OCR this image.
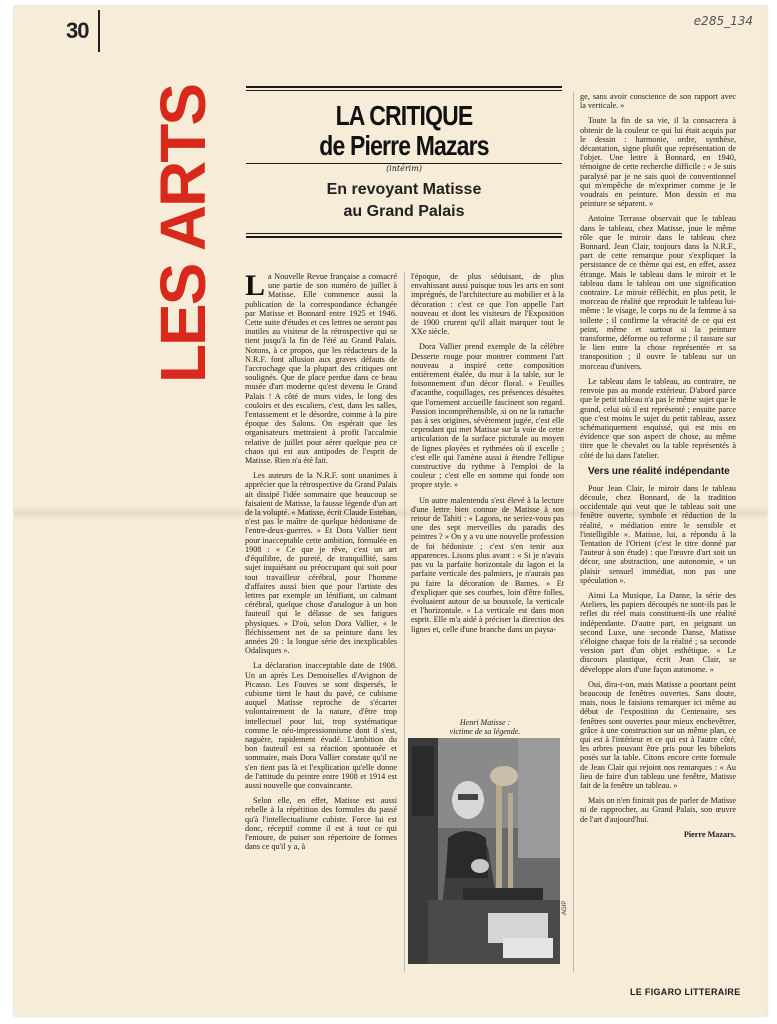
30	e285_134
LES ARTS	LA CRITIQUE
de Pierre Mazars
(intérim)
En revoyant Matisse
au Grand Palais

La Nouvelle Revue française a consacré une partie de son numéro de juillet à Matisse. Elle commence aussi la publication de la correspondance échangée par Matisse et Bonnard entre 1925 et 1946. Cette suite d'études et ces lettres ne seront pas inutiles au visiteur de la rétrospective qui se tient jusqu'à la fin de l'été au Grand Palais. Notons, à ce propos, que les rédacteurs de la N.R.F. font allusion aux graves défauts de l'accrochage que la plupart des critiques ont soulignés. Que de place perdue dans ce beau musée d'art moderne qu'est devenu le Grand Palais ! A côté de murs vides, le long des couloirs et des escaliers, c'est, dans les salles, l'entassement et le désordre, comme à la pire époque des Salons. On espérait que les organisateurs mettraient à profit l'accalmie relative de juillet pour aérer quelque peu ce chaos qui est aux antipodes de l'esprit de Matisse. Rien n'a été fait.

Les auteurs de la N.R.F. sont unanimes à apprécier que la rétrospective du Grand Palais ait dissipé l'idée sommaire que beaucoup se faisaient de Matisse, la fausse légende d'un art de la volupté. « Matisse, écrit Claude Esteban, n'est pas le maître de quelque hédonisme de l'entre-deux-guerres. » Et Dora Vallier tient pour inacceptable cette ambition, formulée en 1908 : « Ce que je rêve, c'est un art d'équilibre, de pureté, de tranquillité, sans sujet inquiétant ou préoccupant qui soit pour tout travailleur cérébral, pour l'homme d'affaires aussi bien que pour l'artiste des lettres par exemple un lénifiant, un calmant cérébral, quelque chose d'analogue à un bon fauteuil qui le délasse de ses fatigues physiques. » D'où, selon Dora Vallier, « le fléchissement net de sa peinture dans les années 20 : la longue série des inexplicables Odalisques ».

La déclaration inacceptable date de 1908. Un an après Les Demoiselles d'Avignon de Picasso. Les Fauves se sont dispersés, le cubisme tient le haut du pavé, ce cubisme auquel Matisse reproche de s'écarter volontairement de la nature, d'être trop intellectuel pour lui, trop systématique comme le néo-impressionnisme dont il s'est, naguère, rapidement évadé. L'ambition du bon fauteuil est sa réaction spontanée et sommaire, mais Dora Vallier constate qu'il ne s'en tient pas là et l'explication qu'elle donne de l'attitude du peintre entre 1908 et 1914 est aussi nouvelle que convaincante.

Selon elle, en effet, Matisse est aussi rebelle à la répétition des formules du passé qu'à l'intellectualisme cubiste. Force lui est donc, réceptif comme il est à tout ce qui l'entoure, de puiser son répertoire de formes dans ce qu'il y a, à

l'époque, de plus séduisant, de plus envahissant aussi puisque tous les arts en sont imprégnés, de l'architecture au mobilier et à la décoration : c'est ce que l'on appelle l'art nouveau et dont les visiteurs de l'Exposition de 1900 crurent qu'il allait marquer tout le XXe siècle.

Dora Vallier prend exemple de la célèbre Desserte rouge pour montrer comment l'art nouveau a inspiré cette composition entièrement étalée, du mur à la table, sur le foisonnement d'un décor floral. « Feuilles d'acanthe, coquillages, ces présences désuètes que l'ornement accueille fascinent son regard. Passion incompréhensible, si on ne la rattache pas à ses origines, sévèrement jugée, c'est elle cependant qui met Matisse sur la voie de cette articulation de la surface picturale au moyen de lignes ployées et rythmées où il excelle ; c'est elle qui l'amène aussi à étendre l'ellipse constructive du rythme à l'emploi de la couleur ; c'est elle en somme qui fonde son propre style. »

Un autre malentendu s'est élevé à la lecture d'une lettre bien connue de Matisse à son retour de Tahiti : « Lagons, ne seriez-vous pas une des sept merveilles du paradis des peintres ? » On y a vu une nouvelle profession de foi hédoniste ; c'est s'en tenir aux apparences. Lisons plus avant : « Si je n'avais pas vu la parfaite horizontale du lagon et la parfaite verticale des palmiers, je n'aurais pas pu faire la décoration de Barnes. » Et d'expliquer que ses courbes, loin d'être folles, évoluaient autour de sa boussole, la verticale et l'horizontale. « La verticale est dans mon esprit. Elle m'a aidé à préciser la direction des lignes et, celle d'une branche dans un paysa-

Henri Matisse :
victime de sa légende.
AGIP

ge, sans avoir conscience de son rapport avec la verticale. »

Toute la fin de sa vie, il la consacrera à obtenir de la couleur ce qui lui était acquis par le dessin : harmonie, ordre, synthèse, décantation, signe plutôt que représentation de l'objet. Une lettre à Bonnard, en 1940, témoigne de cette recherche difficile : « Je suis paralysé par je ne sais quoi de conventionnel qui m'empêche de m'exprimer comme je le voudrais en peinture. Mon dessin et ma peinture se séparent. »

Antoine Terrasse observait que le tableau dans le tableau, chez Matisse, joue le même rôle que le miroir dans le tableau chez Bonnard. Jean Clair, toujours dans la N.R.F., part de cette remarque pour s'expliquer la persistance de ce thème qui est, en effet, assez étrange. Mais le tableau dans le miroir et le tableau dans le tableau ont une signification contraire. Le miroir réfléchit, en plus petit, le morceau de réalité que reproduit le tableau lui-même : le visage, le corps nu de la femme à sa toilette ; il confirme la véracité de ce qui est peint, même et surtout si la peinture transforme, déforme ou reforme ; il rassure sur le lien entre la chose représentée et sa transposition ; il ouvre le tableau sur un morceau d'univers.

Le tableau dans le tableau, au contraire, ne renvoie pas au monde extérieur. D'abord parce que le petit tableau n'a pas le même sujet que le grand, celui où il est représenté ; ensuite parce que c'est moins le sujet du petit tableau, assez schématiquement esquissé, qui est mis en évidence que son aspect de chose, au même titre que le chevalet ou la table représentés à côté de lui dans l'atelier.

Vers une réalité indépendante

Pour Jean Clair, le miroir dans le tableau découle, chez Bonnard, de la tradition occidentale qui veut que le tableau soit une fenêtre ouverte, symbole et réduction de la réalité, « médiation entre le sensible et l'intelligible ». Matisse, lui, a répondu à la Tentation de l'Orient (c'est le titre donné par l'auteur à son étude) : que l'œuvre d'art soit un décor, une abstraction, une autonomie, « un plaisir sensuel immédiat, non pas une spéculation ».

Ainsi La Musique, La Danse, la série des Ateliers, les papiers découpés ne sont-ils pas le reflet du réel mais constituent-ils une réalité indépendante. D'autre part, en peignant un second Luxe, une seconde Danse, Matisse s'éloigne chaque fois de la réalité ; sa seconde version part d'un objet esthétique. « Le discours plastique, écrit Jean Clair, se développe alors d'une façon autonome. »

Oui, dira-t-on, mais Matisse a pourtant peint beaucoup de fenêtres ouvertes. Sans doute, mais, nous le faisions remarquer ici même au début de l'exposition du Centenaire, ses fenêtres sont ouvertes pour mieux enchevêtrer, grâce à une construction sur un même plan, ce qui est à l'intérieur et ce qui est à l'autre côté, les arbres pouvant être pris pour les bibelots posés sur la table. Citons encore cette formule de Jean Clair qui rejoint nos remarques : « Au lieu de faire d'un tableau une fenêtre, Matisse fait de la fenêtre un tableau. »

Mais on n'en finirait pas de parler de Matisse ni de rapprocher, au Grand Palais, son œuvre de l'art d'aujourd'hui.

Pierre Mazars.
LE FIGARO LITTERAIRE
